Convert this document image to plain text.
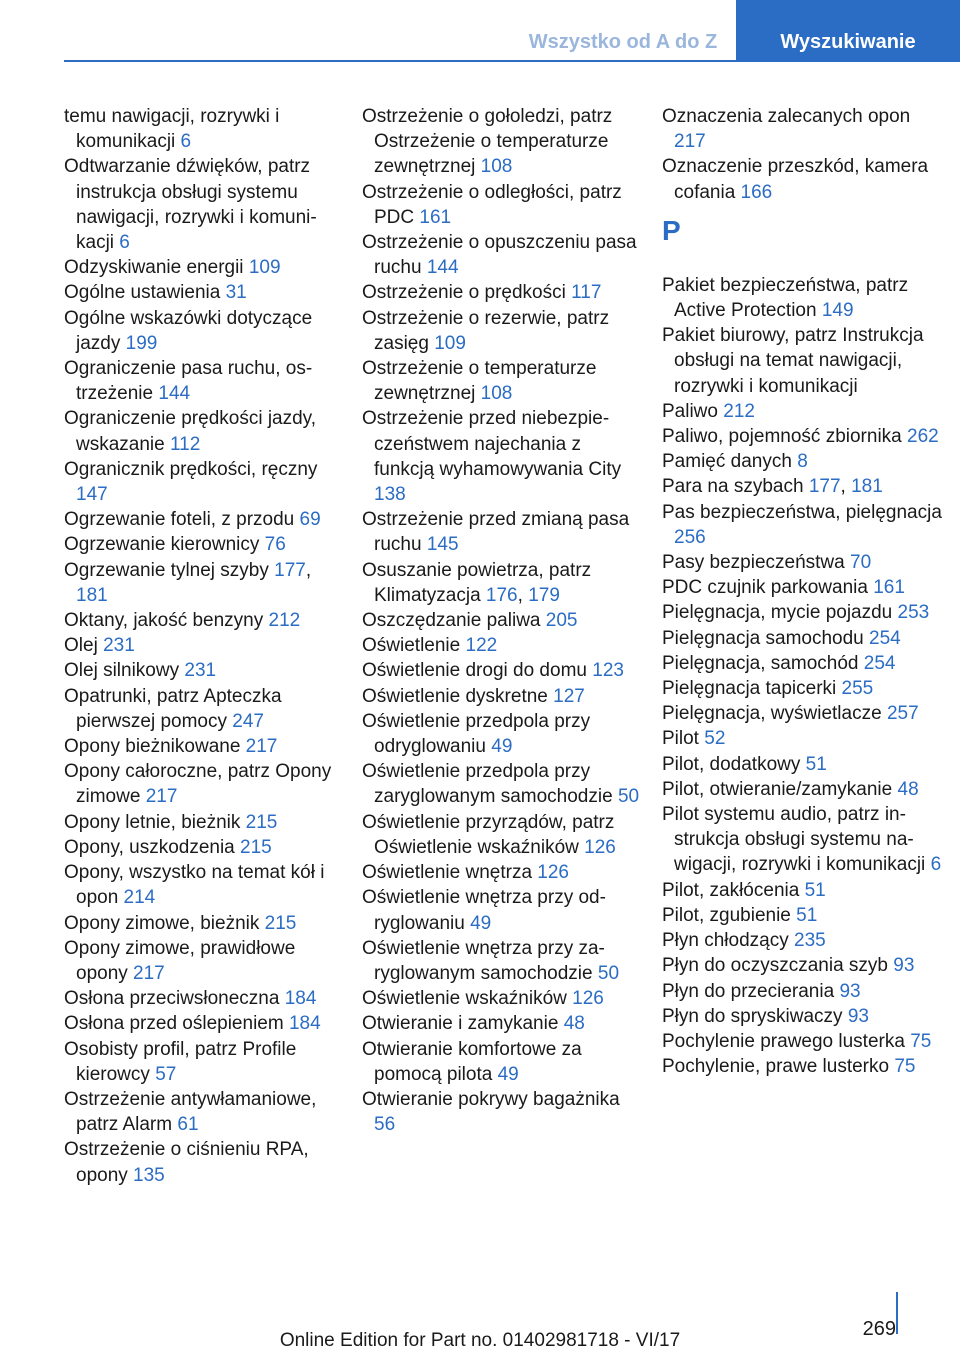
Wszystko od A do Z	Wyszukiwanie

temu nawigacji, rozrywki i komunikacji 6

Odtwarzanie dźwięków, patrz instrukcja obsługi systemu nawigacji, rozrywki i komunikacji 6

Odzyskiwanie energii 109

Ogólne ustawienia 31

Ogólne wskazówki dotyczące jazdy 199

Ograniczenie pasa ruchu, ostrzeżenie 144

Ograniczenie prędkości jazdy, wskazanie 112

Ogranicznik prędkości, ręczny 147

Ogrzewanie foteli, z przodu 69

Ogrzewanie kierownicy 76

Ogrzewanie tylnej szyby 177, 181

Oktany, jakość benzyny 212

Olej 231

Olej silnikowy 231

Opatrunki, patrz Apteczka pierwszej pomocy 247

Opony bieżnikowane 217

Opony całoroczne, patrz Opony zimowe 217

Opony letnie, bieżnik 215

Opony, uszkodzenia 215

Opony, wszystko na temat kół i opon 214

Opony zimowe, bieżnik 215

Opony zimowe, prawidłowe opony 217

Osłona przeciwsłoneczna 184

Osłona przed oślepieniem 184

Osobisty profil, patrz Profile kierowcy 57

Ostrzeżenie antywłamaniowe, patrz Alarm 61

Ostrzeżenie o ciśnieniu RPA, opony 135

Ostrzeżenie o gołoledzi, patrz Ostrzeżenie o temperaturze zewnętrznej 108

Ostrzeżenie o odległości, patrz PDC 161

Ostrzeżenie o opuszczeniu pasa ruchu 144

Ostrzeżenie o prędkości 117

Ostrzeżenie o rezerwie, patrz zasięg 109

Ostrzeżenie o temperaturze zewnętrznej 108

Ostrzeżenie przed niebezpieczeństwem najechania z funkcją wyhamowywania City 138

Ostrzeżenie przed zmianą pasa ruchu 145

Osuszanie powietrza, patrz Klimatyzacja 176, 179

Oszczędzanie paliwa 205

Oświetlenie 122

Oświetlenie drogi do domu 123

Oświetlenie dyskretne 127

Oświetlenie przedpola przy odryglowaniu 49

Oświetlenie przedpola przy zaryglowanym samochodzie 50

Oświetlenie przyrządów, patrz Oświetlenie wskaźników 126

Oświetlenie wnętrza 126

Oświetlenie wnętrza przy odryglowaniu 49

Oświetlenie wnętrza przy zaryglowanym samochodzie 50

Oświetlenie wskaźników 126

Otwieranie i zamykanie 48

Otwieranie komfortowe za pomocą pilota 49

Otwieranie pokrywy bagażnika 56

Oznaczenia zalecanych opon 217

Oznaczenie przeszkód, kamera cofania 166

P

Pakiet bezpieczeństwa, patrz Active Protection 149

Pakiet biurowy, patrz Instrukcja obsługi na temat nawigacji, rozrywki i komunikacji

Paliwo 212

Paliwo, pojemność zbiornika 262

Pamięć danych 8

Para na szybach 177, 181

Pas bezpieczeństwa, pielęgnacja 256

Pasy bezpieczeństwa 70

PDC czujnik parkowania 161

Pielęgnacja, mycie pojazdu 253

Pielęgnacja samochodu 254

Pielęgnacja, samochód 254

Pielęgnacja tapicerki 255

Pielęgnacja, wyświetlacze 257

Pilot 52

Pilot, dodatkowy 51

Pilot, otwieranie/zamykanie 48

Pilot systemu audio, patrz instrukcja obsługi systemu nawigacji, rozrywki i komunikacji 6

Pilot, zakłócenia 51

Pilot, zgubienie 51

Płyn chłodzący 235

Płyn do oczyszczania szyb 93

Płyn do przecierania 93

Płyn do spryskiwaczy 93

Pochylenie prawego lusterka 75

Pochylenie, prawe lusterko 75

269
Online Edition for Part no. 01402981718 - VI/17
